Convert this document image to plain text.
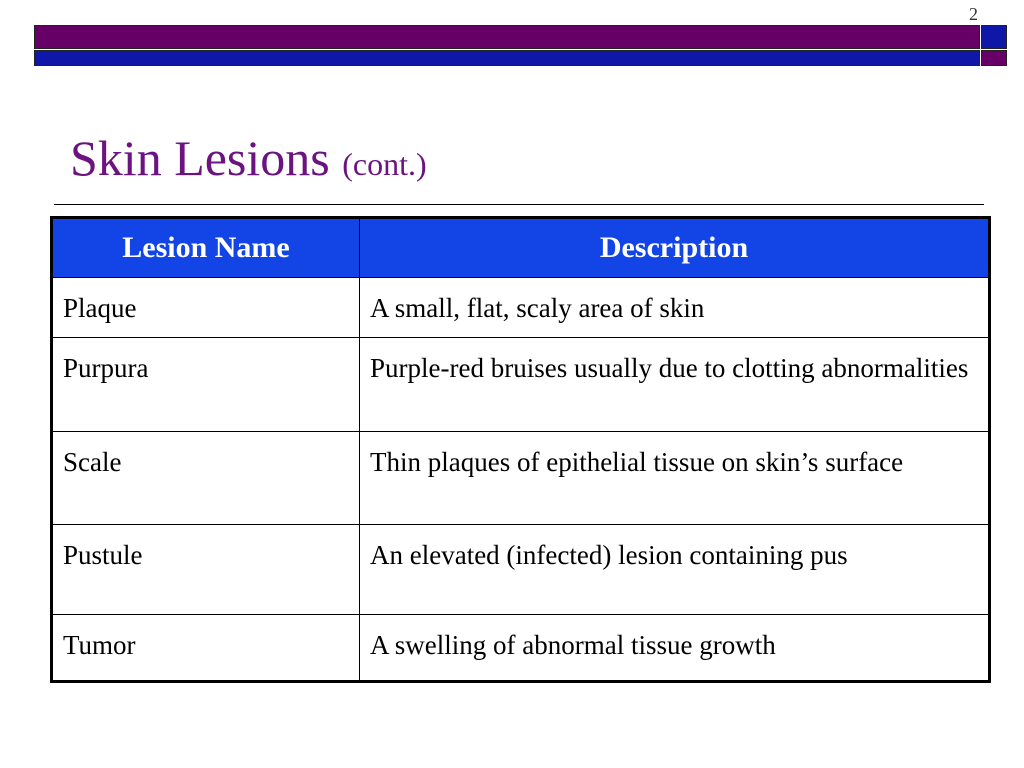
2
Skin Lesions (cont.)
Lesion Name	Description
Plaque	A small, flat, scaly area of skin
Purpura	Purple-red bruises usually due to clotting abnormalities
Scale	Thin plaques of epithelial tissue on skin’s surface
Pustule	An elevated (infected) lesion containing pus
Tumor	A swelling of abnormal tissue growth
